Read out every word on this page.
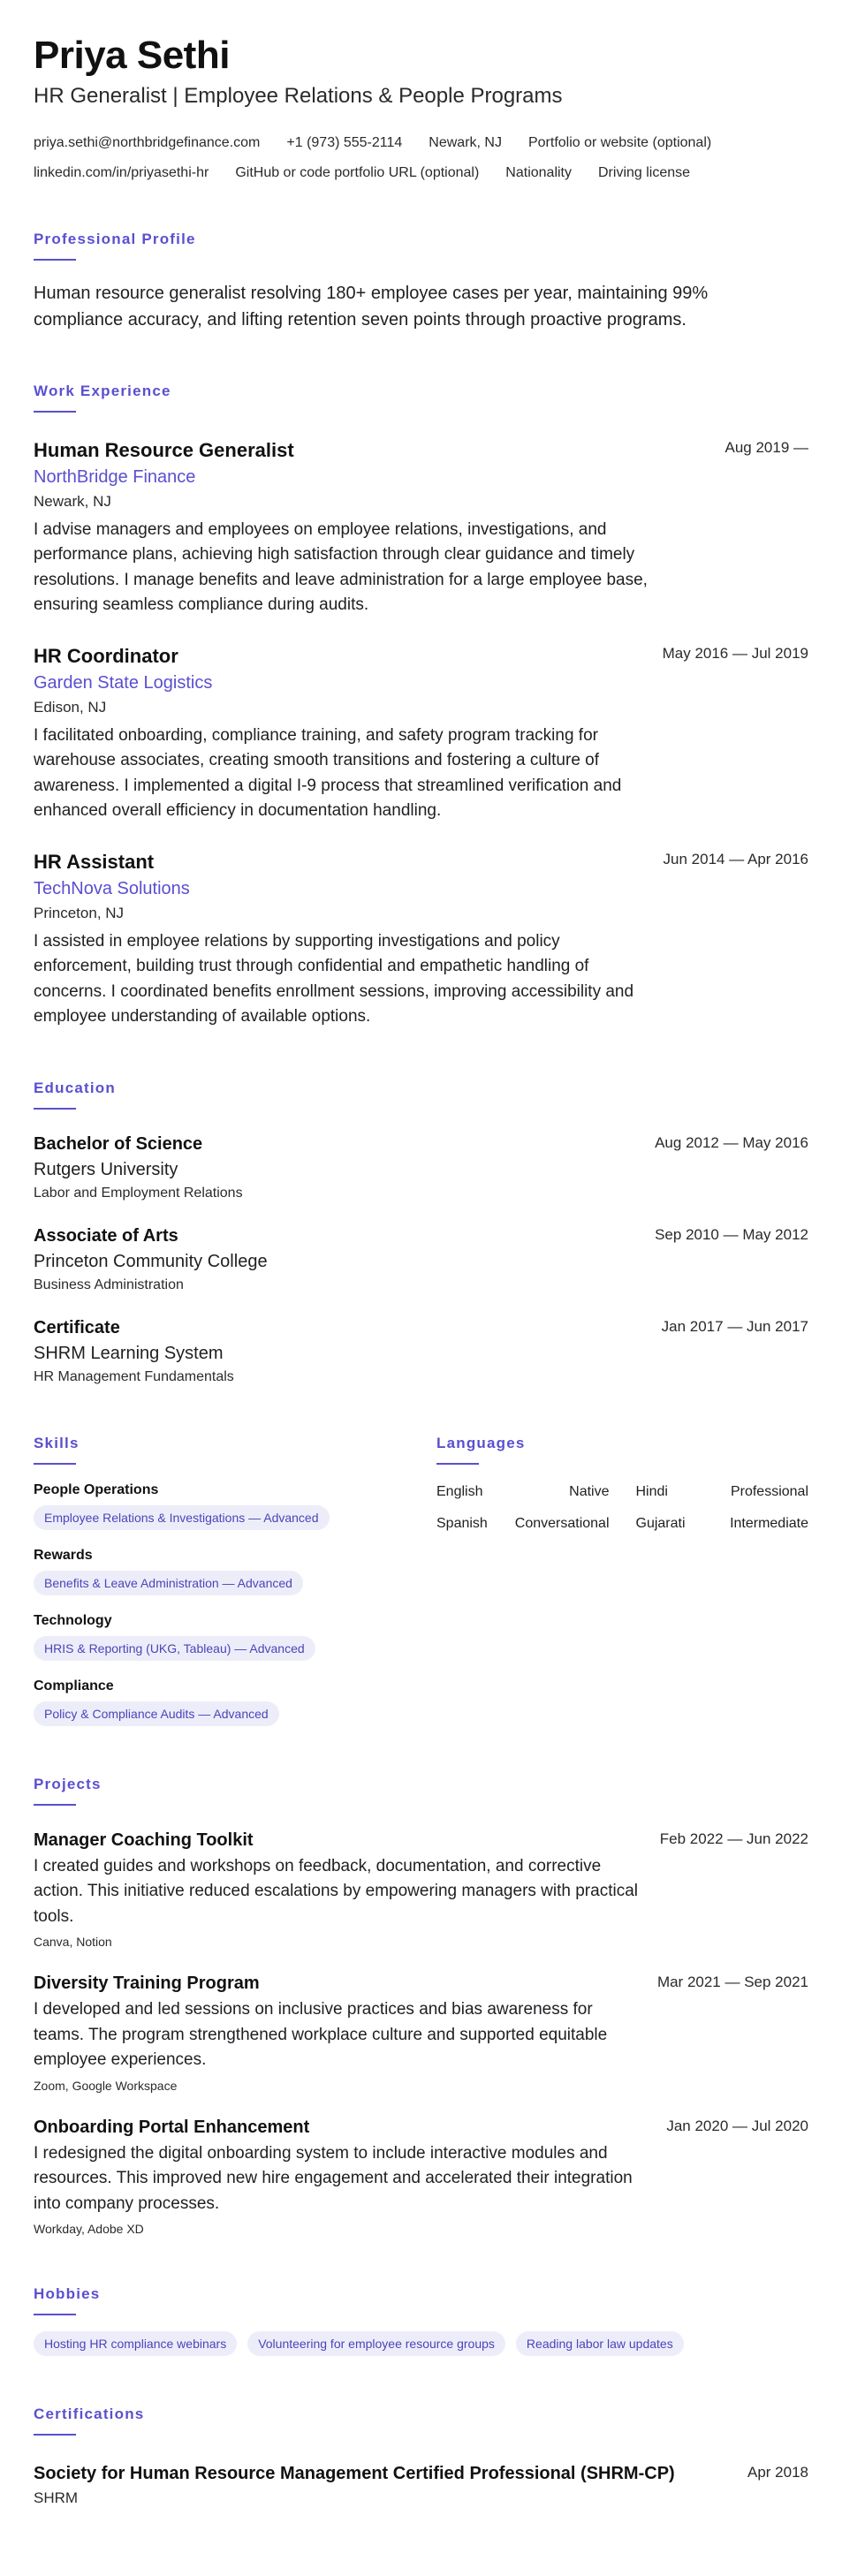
Priya Sethi
HR Generalist | Employee Relations & People Programs
priya.sethi@northbridgefinance.com +1 (973) 555-2114 Newark, NJ Portfolio or website (optional)
linkedin.com/in/priyasethi-hr GitHub or code portfolio URL (optional) Nationality Driving license
Professional Profile
Human resource generalist resolving 180+ employee cases per year, maintaining 99% compliance accuracy, and lifting retention seven points through proactive programs.
Work Experience
Aug 2019 —
Human Resource Generalist
NorthBridge Finance
Newark, NJ
I advise managers and employees on employee relations, investigations, and performance plans, achieving high satisfaction through clear guidance and timely resolutions. I manage benefits and leave administration for a large employee base, ensuring seamless compliance during audits.
May 2016 — Jul 2019
HR Coordinator
Garden State Logistics
Edison, NJ
I facilitated onboarding, compliance training, and safety program tracking for warehouse associates, creating smooth transitions and fostering a culture of awareness. I implemented a digital I-9 process that streamlined verification and enhanced overall efficiency in documentation handling.
Jun 2014 — Apr 2016
HR Assistant
TechNova Solutions
Princeton, NJ
I assisted in employee relations by supporting investigations and policy enforcement, building trust through confidential and empathetic handling of concerns. I coordinated benefits enrollment sessions, improving accessibility and employee understanding of available options.
Education
Aug 2012 — May 2016
Bachelor of Science
Rutgers University
Labor and Employment Relations
Sep 2010 — May 2012
Associate of Arts
Princeton Community College
Business Administration
Jan 2017 — Jun 2017
Certificate
SHRM Learning System
HR Management Fundamentals
Skills
People Operations
Employee Relations & Investigations — Advanced
Rewards
Benefits & Leave Administration — Advanced
Technology
HRIS & Reporting (UKG, Tableau) — Advanced
Compliance
Policy & Compliance Audits — Advanced
Languages
English	Native Hindi	Professional
Spanish Conversational Gujarati	Intermediate
Projects
Feb 2022 — Jun 2022
Manager Coaching Toolkit
I created guides and workshops on feedback, documentation, and corrective action. This initiative reduced escalations by empowering managers with practical tools.
Canva, Notion
Mar 2021 — Sep 2021
Diversity Training Program
I developed and led sessions on inclusive practices and bias awareness for teams. The program strengthened workplace culture and supported equitable employee experiences.
Zoom, Google Workspace
Jan 2020 — Jul 2020
Onboarding Portal Enhancement
I redesigned the digital onboarding system to include interactive modules and resources. This improved new hire engagement and accelerated their integration into company processes.
Workday, Adobe XD
Hobbies
Hosting HR compliance webinars	Volunteering for employee resource groups	Reading labor law updates
Certifications
Apr 2018
Society for Human Resource Management Certified Professional (SHRM-CP)
SHRM
